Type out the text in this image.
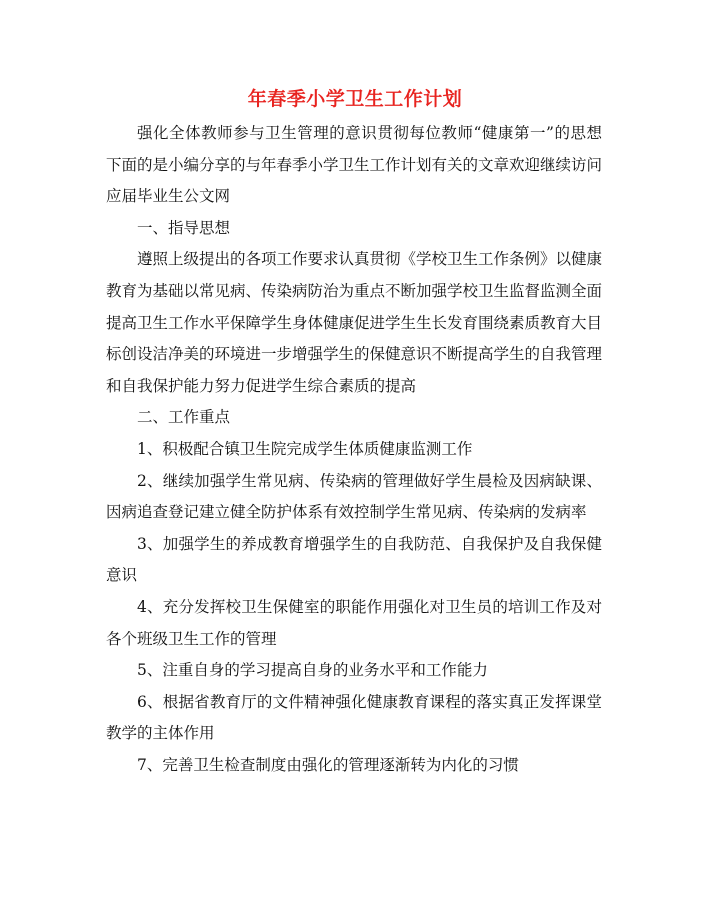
年春季小学卫生工作计划

强化全体教师参与卫生管理的意识贯彻每位教师“健康第一”的思想下面的是小编分享的与年春季小学卫生工作计划有关的文章欢迎继续访问应届毕业生公文网

一、指导思想

遵照上级提出的各项工作要求认真贯彻《学校卫生工作条例》以健康教育为基础以常见病、传染病防治为重点不断加强学校卫生监督监测全面提高卫生工作水平保障学生身体健康促进学生生长发育围绕素质教育大目标创设洁净美的环境进一步增强学生的保健意识不断提高学生的自我管理和自我保护能力努力促进学生综合素质的提高

二、工作重点

1、积极配合镇卫生院完成学生体质健康监测工作

2、继续加强学生常见病、传染病的管理做好学生晨检及因病缺课、因病追查登记建立健全防护体系有效控制学生常见病、传染病的发病率

3、加强学生的养成教育增强学生的自我防范、自我保护及自我保健意识

4、充分发挥校卫生保健室的职能作用强化对卫生员的培训工作及对各个班级卫生工作的管理

5、注重自身的学习提高自身的业务水平和工作能力

6、根据省教育厅的文件精神强化健康教育课程的落实真正发挥课堂教学的主体作用

7、完善卫生检查制度由强化的管理逐渐转为内化的习惯
